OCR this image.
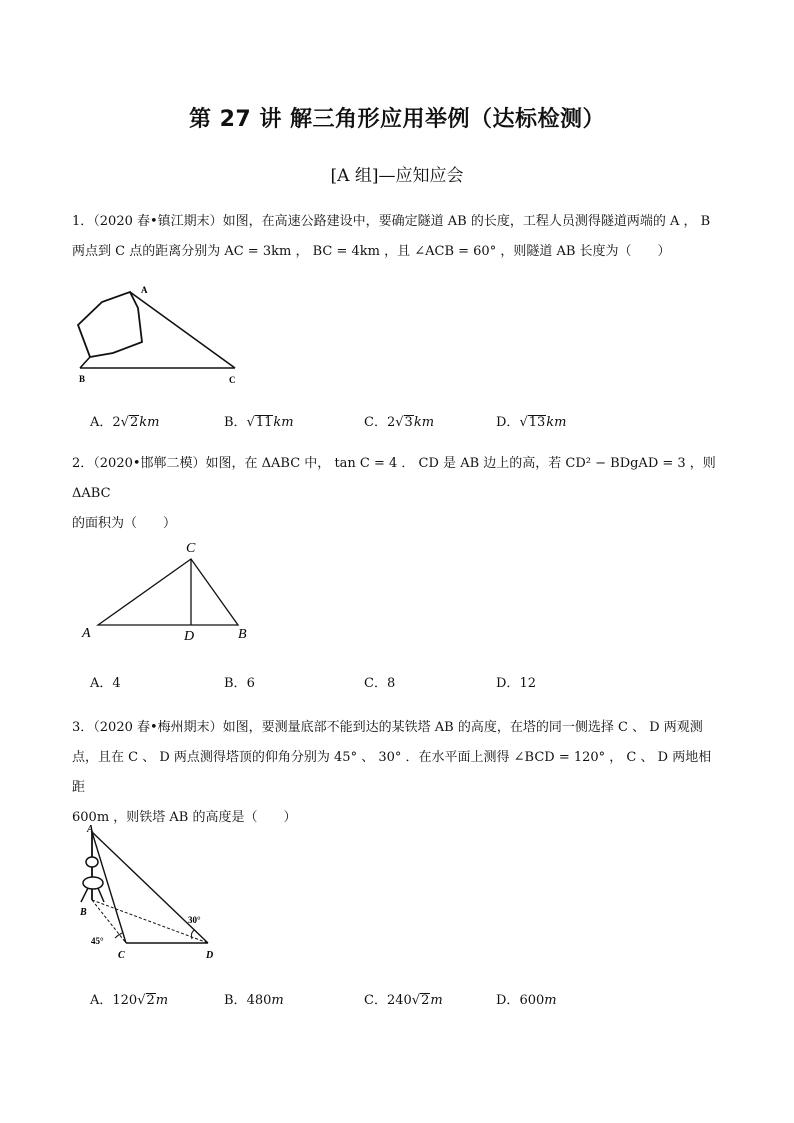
第 27 讲 解三角形应用举例（达标检测）
[A 组]—应知应会
1．（2020 春•镇江期末）如图，在高速公路建设中，要确定隧道 AB 的长度，工程人员测得隧道两端的 A ， B
两点到 C 点的距离分别为 AC = 3km ， BC = 4km ，且 ∠ACB = 60° ，则隧道 AB 长度为（　　）
A
B	C
A．2√2km	B．√11km	C．2√3km	D．√13km
2．（2020•邯郸二模）如图，在 ΔABC 中， tan C = 4 ． CD 是 AB 边上的高，若 CD² − BDgAD = 3 ，则 ΔABC
的面积为（　　）
C
A	D	B
A．4	B．6	C．8	D．12
3．（2020 春•梅州期末）如图，要测量底部不能到达的某铁塔 AB 的高度，在塔的同一侧选择 C 、 D 两观测
点，且在 C 、 D 两点测得塔顶的仰角分别为 45° 、 30° ．在水平面上测得 ∠BCD = 120° ， C 、 D 两地相距
600m ，则铁塔 AB 的高度是（　　）
A
B
C	D
45°
30°
A．120√2m	B．480m	C．240√2m	D．600m
